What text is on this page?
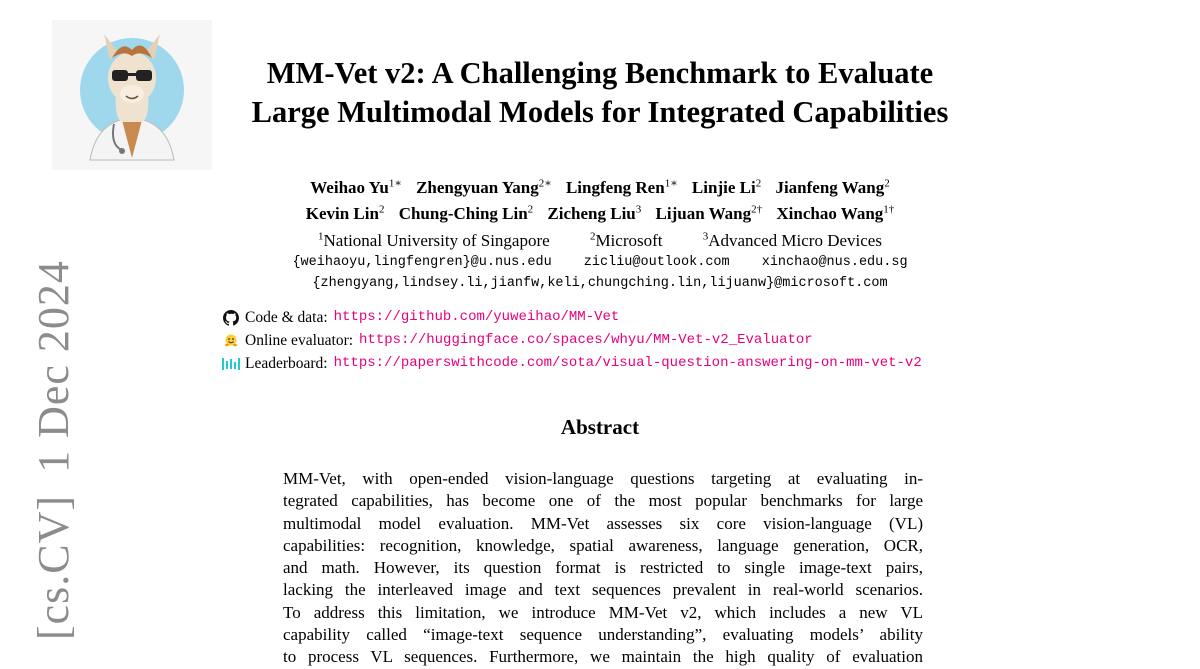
[cs.CV]1 Dec 2024
MM-Vet v2: A Challenging Benchmark to Evaluate
Large Multimodal Models for Integrated Capabilities
Weihao $Yu^{1∗}$ Zhengyuan Yang$^{2∗}$ Lingfeng Ren$^{1∗}$ Linjie Li$^2$ Jianfeng Wang$^2$
Kevin Lin$^2$ Chung-Ching Lin$^2$ Zicheng Liu$^3$ Lijuan Wang$^{2\dagger}$ Xinchao Wang$^{1\dagger}$
$^1$National University of Singapore	$^2$Microsoft	$^3$Advanced Micro Devices
{weihaoyu,lingfengren}@u.nus.edu zicliu@outlook.com xinchao@nus.edu.sg
{zhengyang,lindsey.li,jianfw,keli,chungching.lin,lijuanw}@microsoft.com
Code & data: https://github.com/yuweihao/MM-Vet
Online evaluator: https://huggingface.co/spaces/whyu/MM-Vet-v2_Evaluator
Leaderboard: https://paperswithcode.com/sota/visual-question-answering-on-mm-vet-v2
Abstract
MM-Vet, with open-ended vision-language questions targeting at evaluating in-
tegrated capabilities, has become one of the most popular benchmarks for large
multimodal model evaluation. MM-Vet assesses six core vision-language (VL)
capabilities: recognition, knowledge, spatial awareness, language generation, OCR,
and math. However, its question format is restricted to single image-text pairs,
lacking the interleaved image and text sequences prevalent in real-world scenarios.
To address this limitation, we introduce MM-Vet v2, which includes a new VL
capability called “image-text sequence understanding”, evaluating models’ ability
to process VL sequences. Furthermore, we maintain the high quality of evaluation
